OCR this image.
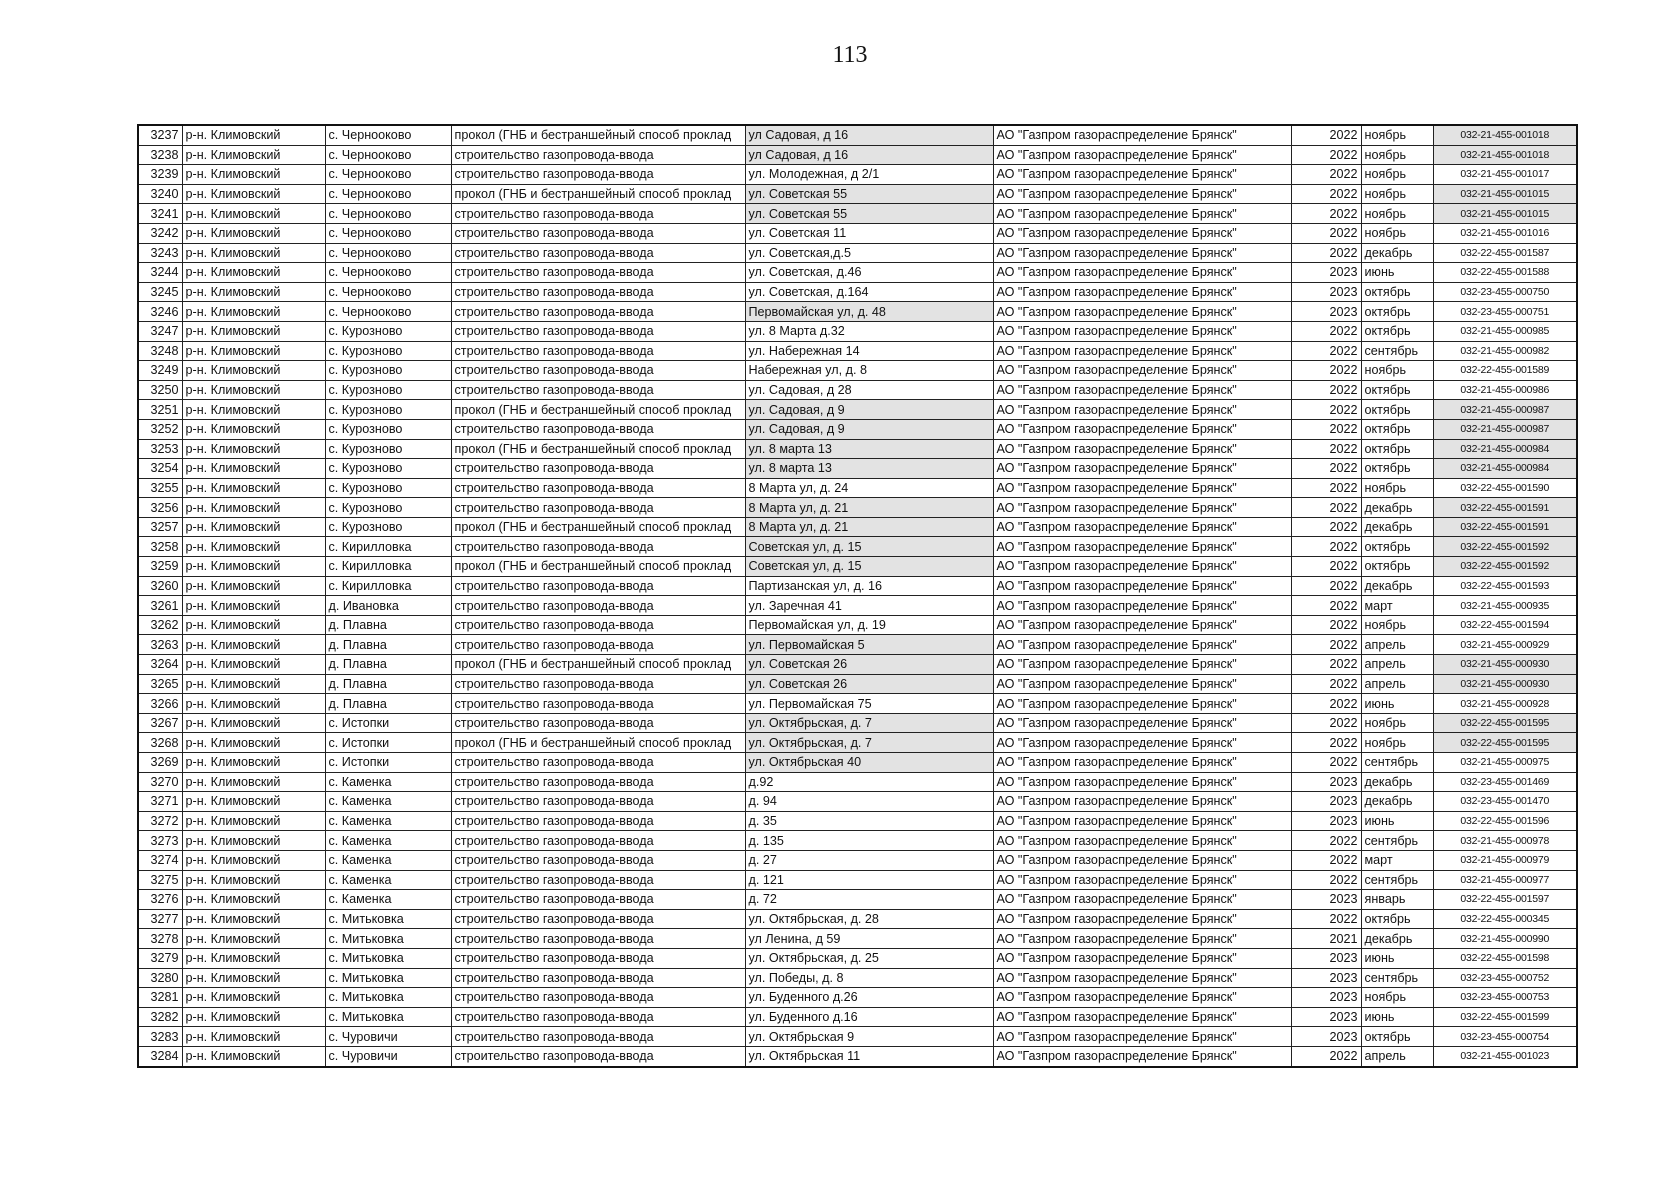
113
3237	р-н. Климовский	с. Чернооково	прокол (ГНБ и бестраншейный способ проклад	ул Садовая, д 16	АО "Газпром газораспределение Брянск"	2022	ноябрь	032-21-455-001018
3238	р-н. Климовский	с. Чернооково	строительство газопровода-ввода	ул Садовая, д 16	АО "Газпром газораспределение Брянск"	2022	ноябрь	032-21-455-001018
3239	р-н. Климовский	с. Чернооково	строительство газопровода-ввода	ул. Молодежная, д 2/1	АО "Газпром газораспределение Брянск"	2022	ноябрь	032-21-455-001017
3240	р-н. Климовский	с. Чернооково	прокол (ГНБ и бестраншейный способ проклад	ул. Советская 55	АО "Газпром газораспределение Брянск"	2022	ноябрь	032-21-455-001015
3241	р-н. Климовский	с. Чернооково	строительство газопровода-ввода	ул. Советская 55	АО "Газпром газораспределение Брянск"	2022	ноябрь	032-21-455-001015
3242	р-н. Климовский	с. Чернооково	строительство газопровода-ввода	ул. Советская 11	АО "Газпром газораспределение Брянск"	2022	ноябрь	032-21-455-001016
3243	р-н. Климовский	с. Чернооково	строительство газопровода-ввода	ул. Советская,д.5	АО "Газпром газораспределение Брянск"	2022	декабрь	032-22-455-001587
3244	р-н. Климовский	с. Чернооково	строительство газопровода-ввода	ул. Советская, д.46	АО "Газпром газораспределение Брянск"	2023	июнь	032-22-455-001588
3245	р-н. Климовский	с. Чернооково	строительство газопровода-ввода	ул. Советская, д.164	АО "Газпром газораспределение Брянск"	2023	октябрь	032-23-455-000750
3246	р-н. Климовский	с. Чернооково	строительство газопровода-ввода	Первомайская ул, д. 48	АО "Газпром газораспределение Брянск"	2023	октябрь	032-23-455-000751
3247	р-н. Климовский	с. Курозново	строительство газопровода-ввода	ул. 8 Марта д.32	АО "Газпром газораспределение Брянск"	2022	октябрь	032-21-455-000985
3248	р-н. Климовский	с. Курозново	строительство газопровода-ввода	ул. Набережная 14	АО "Газпром газораспределение Брянск"	2022	сентябрь	032-21-455-000982
3249	р-н. Климовский	с. Курозново	строительство газопровода-ввода	Набережная ул, д. 8	АО "Газпром газораспределение Брянск"	2022	ноябрь	032-22-455-001589
3250	р-н. Климовский	с. Курозново	строительство газопровода-ввода	ул. Садовая, д 28	АО "Газпром газораспределение Брянск"	2022	октябрь	032-21-455-000986
3251	р-н. Климовский	с. Курозново	прокол (ГНБ и бестраншейный способ проклад	ул. Садовая, д 9	АО "Газпром газораспределение Брянск"	2022	октябрь	032-21-455-000987
3252	р-н. Климовский	с. Курозново	строительство газопровода-ввода	ул. Садовая, д 9	АО "Газпром газораспределение Брянск"	2022	октябрь	032-21-455-000987
3253	р-н. Климовский	с. Курозново	прокол (ГНБ и бестраншейный способ проклад	ул. 8 марта 13	АО "Газпром газораспределение Брянск"	2022	октябрь	032-21-455-000984
3254	р-н. Климовский	с. Курозново	строительство газопровода-ввода	ул. 8 марта 13	АО "Газпром газораспределение Брянск"	2022	октябрь	032-21-455-000984
3255	р-н. Климовский	с. Курозново	строительство газопровода-ввода	8 Марта ул, д. 24	АО "Газпром газораспределение Брянск"	2022	ноябрь	032-22-455-001590
3256	р-н. Климовский	с. Курозново	строительство газопровода-ввода	8 Марта ул, д. 21	АО "Газпром газораспределение Брянск"	2022	декабрь	032-22-455-001591
3257	р-н. Климовский	с. Курозново	прокол (ГНБ и бестраншейный способ проклад	8 Марта ул, д. 21	АО "Газпром газораспределение Брянск"	2022	декабрь	032-22-455-001591
3258	р-н. Климовский	с. Кирилловка	строительство газопровода-ввода	Советская ул, д. 15	АО "Газпром газораспределение Брянск"	2022	октябрь	032-22-455-001592
3259	р-н. Климовский	с. Кирилловка	прокол (ГНБ и бестраншейный способ проклад	Советская ул, д. 15	АО "Газпром газораспределение Брянск"	2022	октябрь	032-22-455-001592
3260	р-н. Климовский	с. Кирилловка	строительство газопровода-ввода	Партизанская ул, д. 16	АО "Газпром газораспределение Брянск"	2022	декабрь	032-22-455-001593
3261	р-н. Климовский	д. Ивановка	строительство газопровода-ввода	ул. Заречная 41	АО "Газпром газораспределение Брянск"	2022	март	032-21-455-000935
3262	р-н. Климовский	д. Плавна	строительство газопровода-ввода	Первомайская ул, д. 19	АО "Газпром газораспределение Брянск"	2022	ноябрь	032-22-455-001594
3263	р-н. Климовский	д. Плавна	строительство газопровода-ввода	ул. Первомайская 5	АО "Газпром газораспределение Брянск"	2022	апрель	032-21-455-000929
3264	р-н. Климовский	д. Плавна	прокол (ГНБ и бестраншейный способ проклад	ул. Советская 26	АО "Газпром газораспределение Брянск"	2022	апрель	032-21-455-000930
3265	р-н. Климовский	д. Плавна	строительство газопровода-ввода	ул. Советская 26	АО "Газпром газораспределение Брянск"	2022	апрель	032-21-455-000930
3266	р-н. Климовский	д. Плавна	строительство газопровода-ввода	ул. Первомайская 75	АО "Газпром газораспределение Брянск"	2022	июнь	032-21-455-000928
3267	р-н. Климовский	с. Истопки	строительство газопровода-ввода	ул. Октябрьская, д. 7	АО "Газпром газораспределение Брянск"	2022	ноябрь	032-22-455-001595
3268	р-н. Климовский	с. Истопки	прокол (ГНБ и бестраншейный способ проклад	ул. Октябрьская, д. 7	АО "Газпром газораспределение Брянск"	2022	ноябрь	032-22-455-001595
3269	р-н. Климовский	с. Истопки	строительство газопровода-ввода	ул. Октябрьская 40	АО "Газпром газораспределение Брянск"	2022	сентябрь	032-21-455-000975
3270	р-н. Климовский	с. Каменка	строительство газопровода-ввода	д.92	АО "Газпром газораспределение Брянск"	2023	декабрь	032-23-455-001469
3271	р-н. Климовский	с. Каменка	строительство газопровода-ввода	д. 94	АО "Газпром газораспределение Брянск"	2023	декабрь	032-23-455-001470
3272	р-н. Климовский	с. Каменка	строительство газопровода-ввода	д. 35	АО "Газпром газораспределение Брянск"	2023	июнь	032-22-455-001596
3273	р-н. Климовский	с. Каменка	строительство газопровода-ввода	д. 135	АО "Газпром газораспределение Брянск"	2022	сентябрь	032-21-455-000978
3274	р-н. Климовский	с. Каменка	строительство газопровода-ввода	д. 27	АО "Газпром газораспределение Брянск"	2022	март	032-21-455-000979
3275	р-н. Климовский	с. Каменка	строительство газопровода-ввода	д. 121	АО "Газпром газораспределение Брянск"	2022	сентябрь	032-21-455-000977
3276	р-н. Климовский	с. Каменка	строительство газопровода-ввода	д. 72	АО "Газпром газораспределение Брянск"	2023	январь	032-22-455-001597
3277	р-н. Климовский	с. Митьковка	строительство газопровода-ввода	ул. Октябрьская, д. 28	АО "Газпром газораспределение Брянск"	2022	октябрь	032-22-455-000345
3278	р-н. Климовский	с. Митьковка	строительство газопровода-ввода	ул Ленина, д 59	АО "Газпром газораспределение Брянск"	2021	декабрь	032-21-455-000990
3279	р-н. Климовский	с. Митьковка	строительство газопровода-ввода	ул. Октябрьская, д. 25	АО "Газпром газораспределение Брянск"	2023	июнь	032-22-455-001598
3280	р-н. Климовский	с. Митьковка	строительство газопровода-ввода	ул. Победы, д. 8	АО "Газпром газораспределение Брянск"	2023	сентябрь	032-23-455-000752
3281	р-н. Климовский	с. Митьковка	строительство газопровода-ввода	ул. Буденного д.26	АО "Газпром газораспределение Брянск"	2023	ноябрь	032-23-455-000753
3282	р-н. Климовский	с. Митьковка	строительство газопровода-ввода	ул. Буденного д.16	АО "Газпром газораспределение Брянск"	2023	июнь	032-22-455-001599
3283	р-н. Климовский	с. Чуровичи	строительство газопровода-ввода	ул. Октябрьская 9	АО "Газпром газораспределение Брянск"	2023	октябрь	032-23-455-000754
3284	р-н. Климовский	с. Чуровичи	строительство газопровода-ввода	ул. Октябрьская 11	АО "Газпром газораспределение Брянск"	2022	апрель	032-21-455-001023
